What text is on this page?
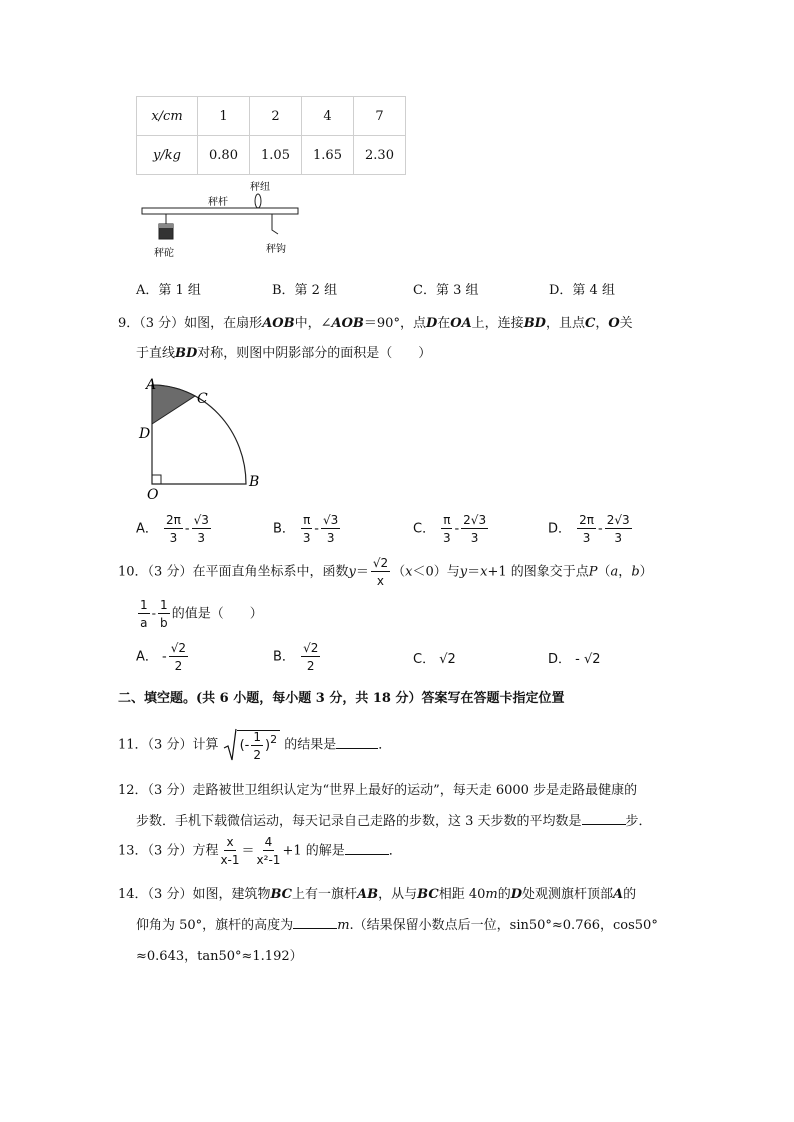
x/cm	1	2	4	7
y/kg	0.80	1.05	1.65	2.30
秤纽
秤杆
秤砣	秤钩
A．第 1 组	B．第 2 组	C．第 3 组	D．第 4 组
9．（3 分）如图，在扇形AOB中，∠AOB＝90°，点D在OA上，连接BD，且点C，O关
于直线BD对称，则图中阴影部分的面积是（　　）
A
C
D
O
B
A． $\frac{2\pi}{3} - \frac{√3}{3}$	B． $\frac{\pi}{3} - \frac{√3}{3}$	C． $\frac{\pi}{3} - \frac{2√3}{3}$	D． $\frac{2\pi}{3} - \frac{2√3}{3}$
10．（3 分）在平面直角坐标系中，函数$y= \frac{√2}{x} (x<0)$与y＝x+1 的图象交于点P（a，b）
$\frac{1}{a} - \frac{1}{b}$ 的值是（　　）
A． - $\frac{√2}{2}$	B． $\frac{√2}{2}$	C． √2	D． - √2
二、填空题。(共 6 小题，每小题 3 分，共 18 分）答案写在答题卡指定位置
11．（3 分）计算 ( - $\frac{1}{2} )^2$ 的结果是	．
12．（3 分）走路被世卫组织认定为“世界上最好的运动”，每天走 6000 步是走路最健康的
步数．手机下载微信运动，每天记录自己走路的步数，这 3 天步数的平均数是	步．
13．（3 分）方程 $\frac{x}{x-1} = \frac{4}{\text{x²-1}} +1$ 的解是	．
14．（3 分）如图，建筑物BC上有一旗杆AB，从与BC相距 40m的D处观测旗杆顶部A的
仰角为 50°，旗杆的高度为	m.（结果保留小数点后一位，sin50°≈0.766，cos50°
≈0.643，tan50°≈1.192）
